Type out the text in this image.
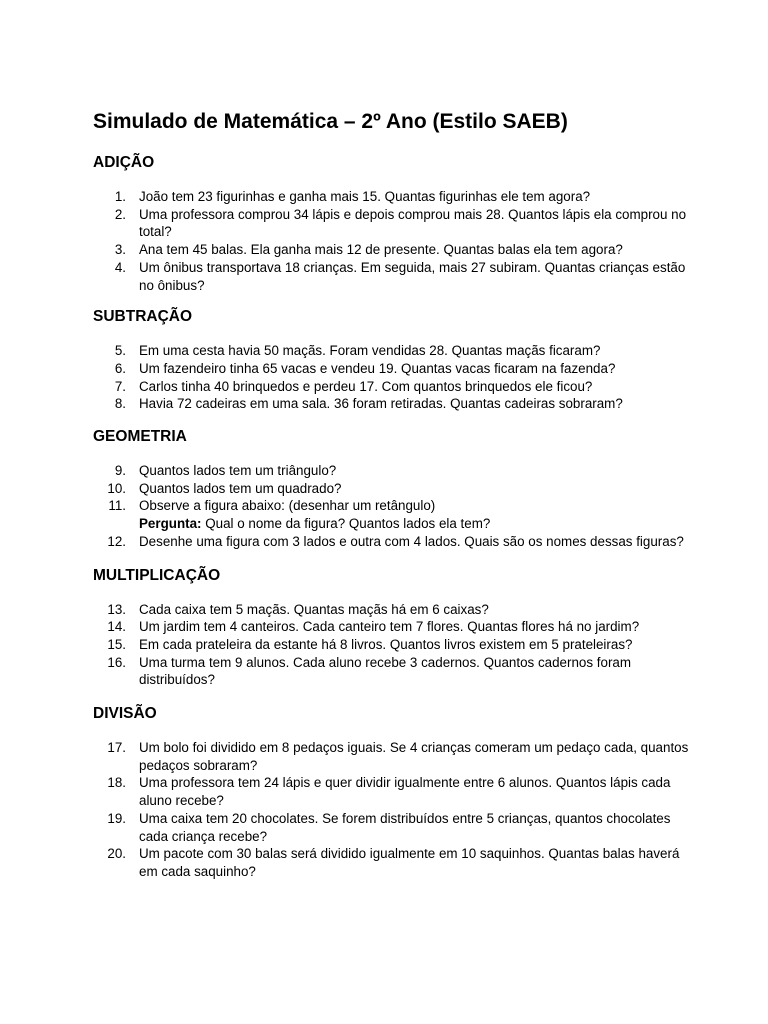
Simulado de Matemática – 2º Ano (Estilo SAEB)
ADIÇÃO
1. João tem 23 figurinhas e ganha mais 15. Quantas figurinhas ele tem agora?
2. Uma professora comprou 34 lápis e depois comprou mais 28. Quantos lápis ela comprou no total?
3. Ana tem 45 balas. Ela ganha mais 12 de presente. Quantas balas ela tem agora?
4. Um ônibus transportava 18 crianças. Em seguida, mais 27 subiram. Quantas crianças estão no ônibus?
SUBTRAÇÃO
5. Em uma cesta havia 50 maçãs. Foram vendidas 28. Quantas maçãs ficaram?
6. Um fazendeiro tinha 65 vacas e vendeu 19. Quantas vacas ficaram na fazenda?
7. Carlos tinha 40 brinquedos e perdeu 17. Com quantos brinquedos ele ficou?
8. Havia 72 cadeiras em uma sala. 36 foram retiradas. Quantas cadeiras sobraram?
GEOMETRIA
9. Quantos lados tem um triângulo?
10. Quantos lados tem um quadrado?
11. Observe a figura abaixo: (desenhar um retângulo)
Pergunta: Qual o nome da figura? Quantos lados ela tem?
12. Desenhe uma figura com 3 lados e outra com 4 lados. Quais são os nomes dessas figuras?
MULTIPLICAÇÃO
13. Cada caixa tem 5 maçãs. Quantas maçãs há em 6 caixas?
14. Um jardim tem 4 canteiros. Cada canteiro tem 7 flores. Quantas flores há no jardim?
15. Em cada prateleira da estante há 8 livros. Quantos livros existem em 5 prateleiras?
16. Uma turma tem 9 alunos. Cada aluno recebe 3 cadernos. Quantos cadernos foram distribuídos?
DIVISÃO
17. Um bolo foi dividido em 8 pedaços iguais. Se 4 crianças comeram um pedaço cada, quantos pedaços sobraram?
18. Uma professora tem 24 lápis e quer dividir igualmente entre 6 alunos. Quantos lápis cada aluno recebe?
19. Uma caixa tem 20 chocolates. Se forem distribuídos entre 5 crianças, quantos chocolates cada criança recebe?
20. Um pacote com 30 balas será dividido igualmente em 10 saquinhos. Quantas balas haverá em cada saquinho?
